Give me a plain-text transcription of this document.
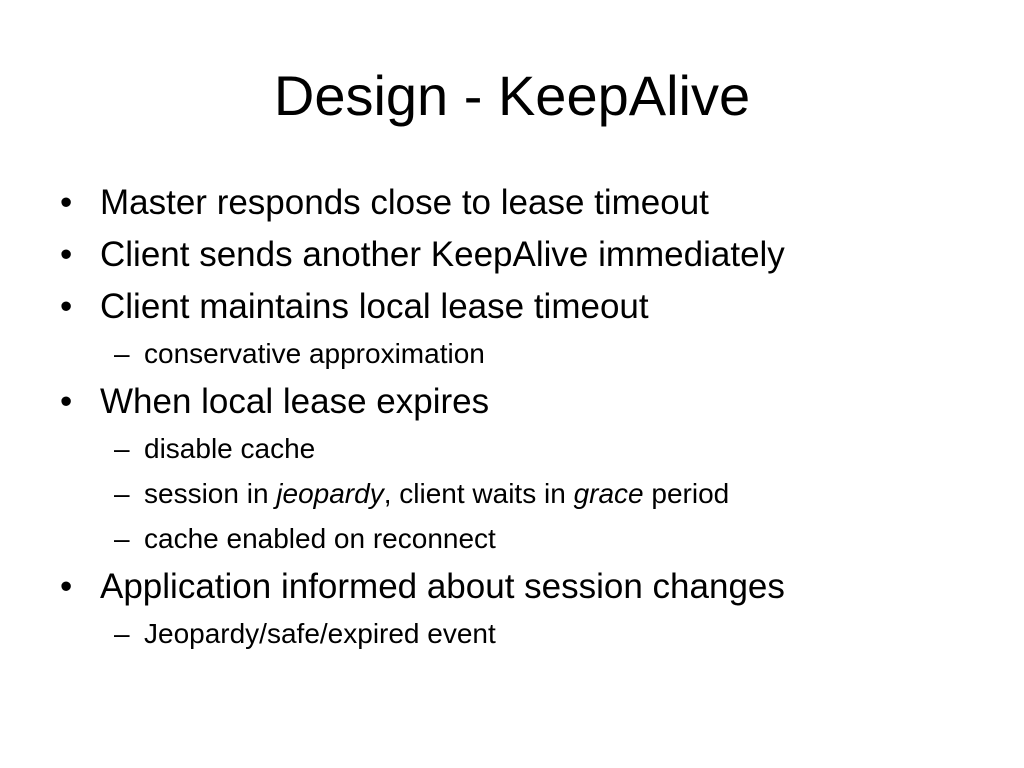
Design - KeepAlive
• Master responds close to lease timeout
• Client sends another KeepAlive immediately
• Client maintains local lease timeout
– conservative approximation
• When local lease expires
– disable cache
– session in jeopardy, client waits in grace period
– cache enabled on reconnect
• Application informed about session changes
– Jeopardy/safe/expired event
